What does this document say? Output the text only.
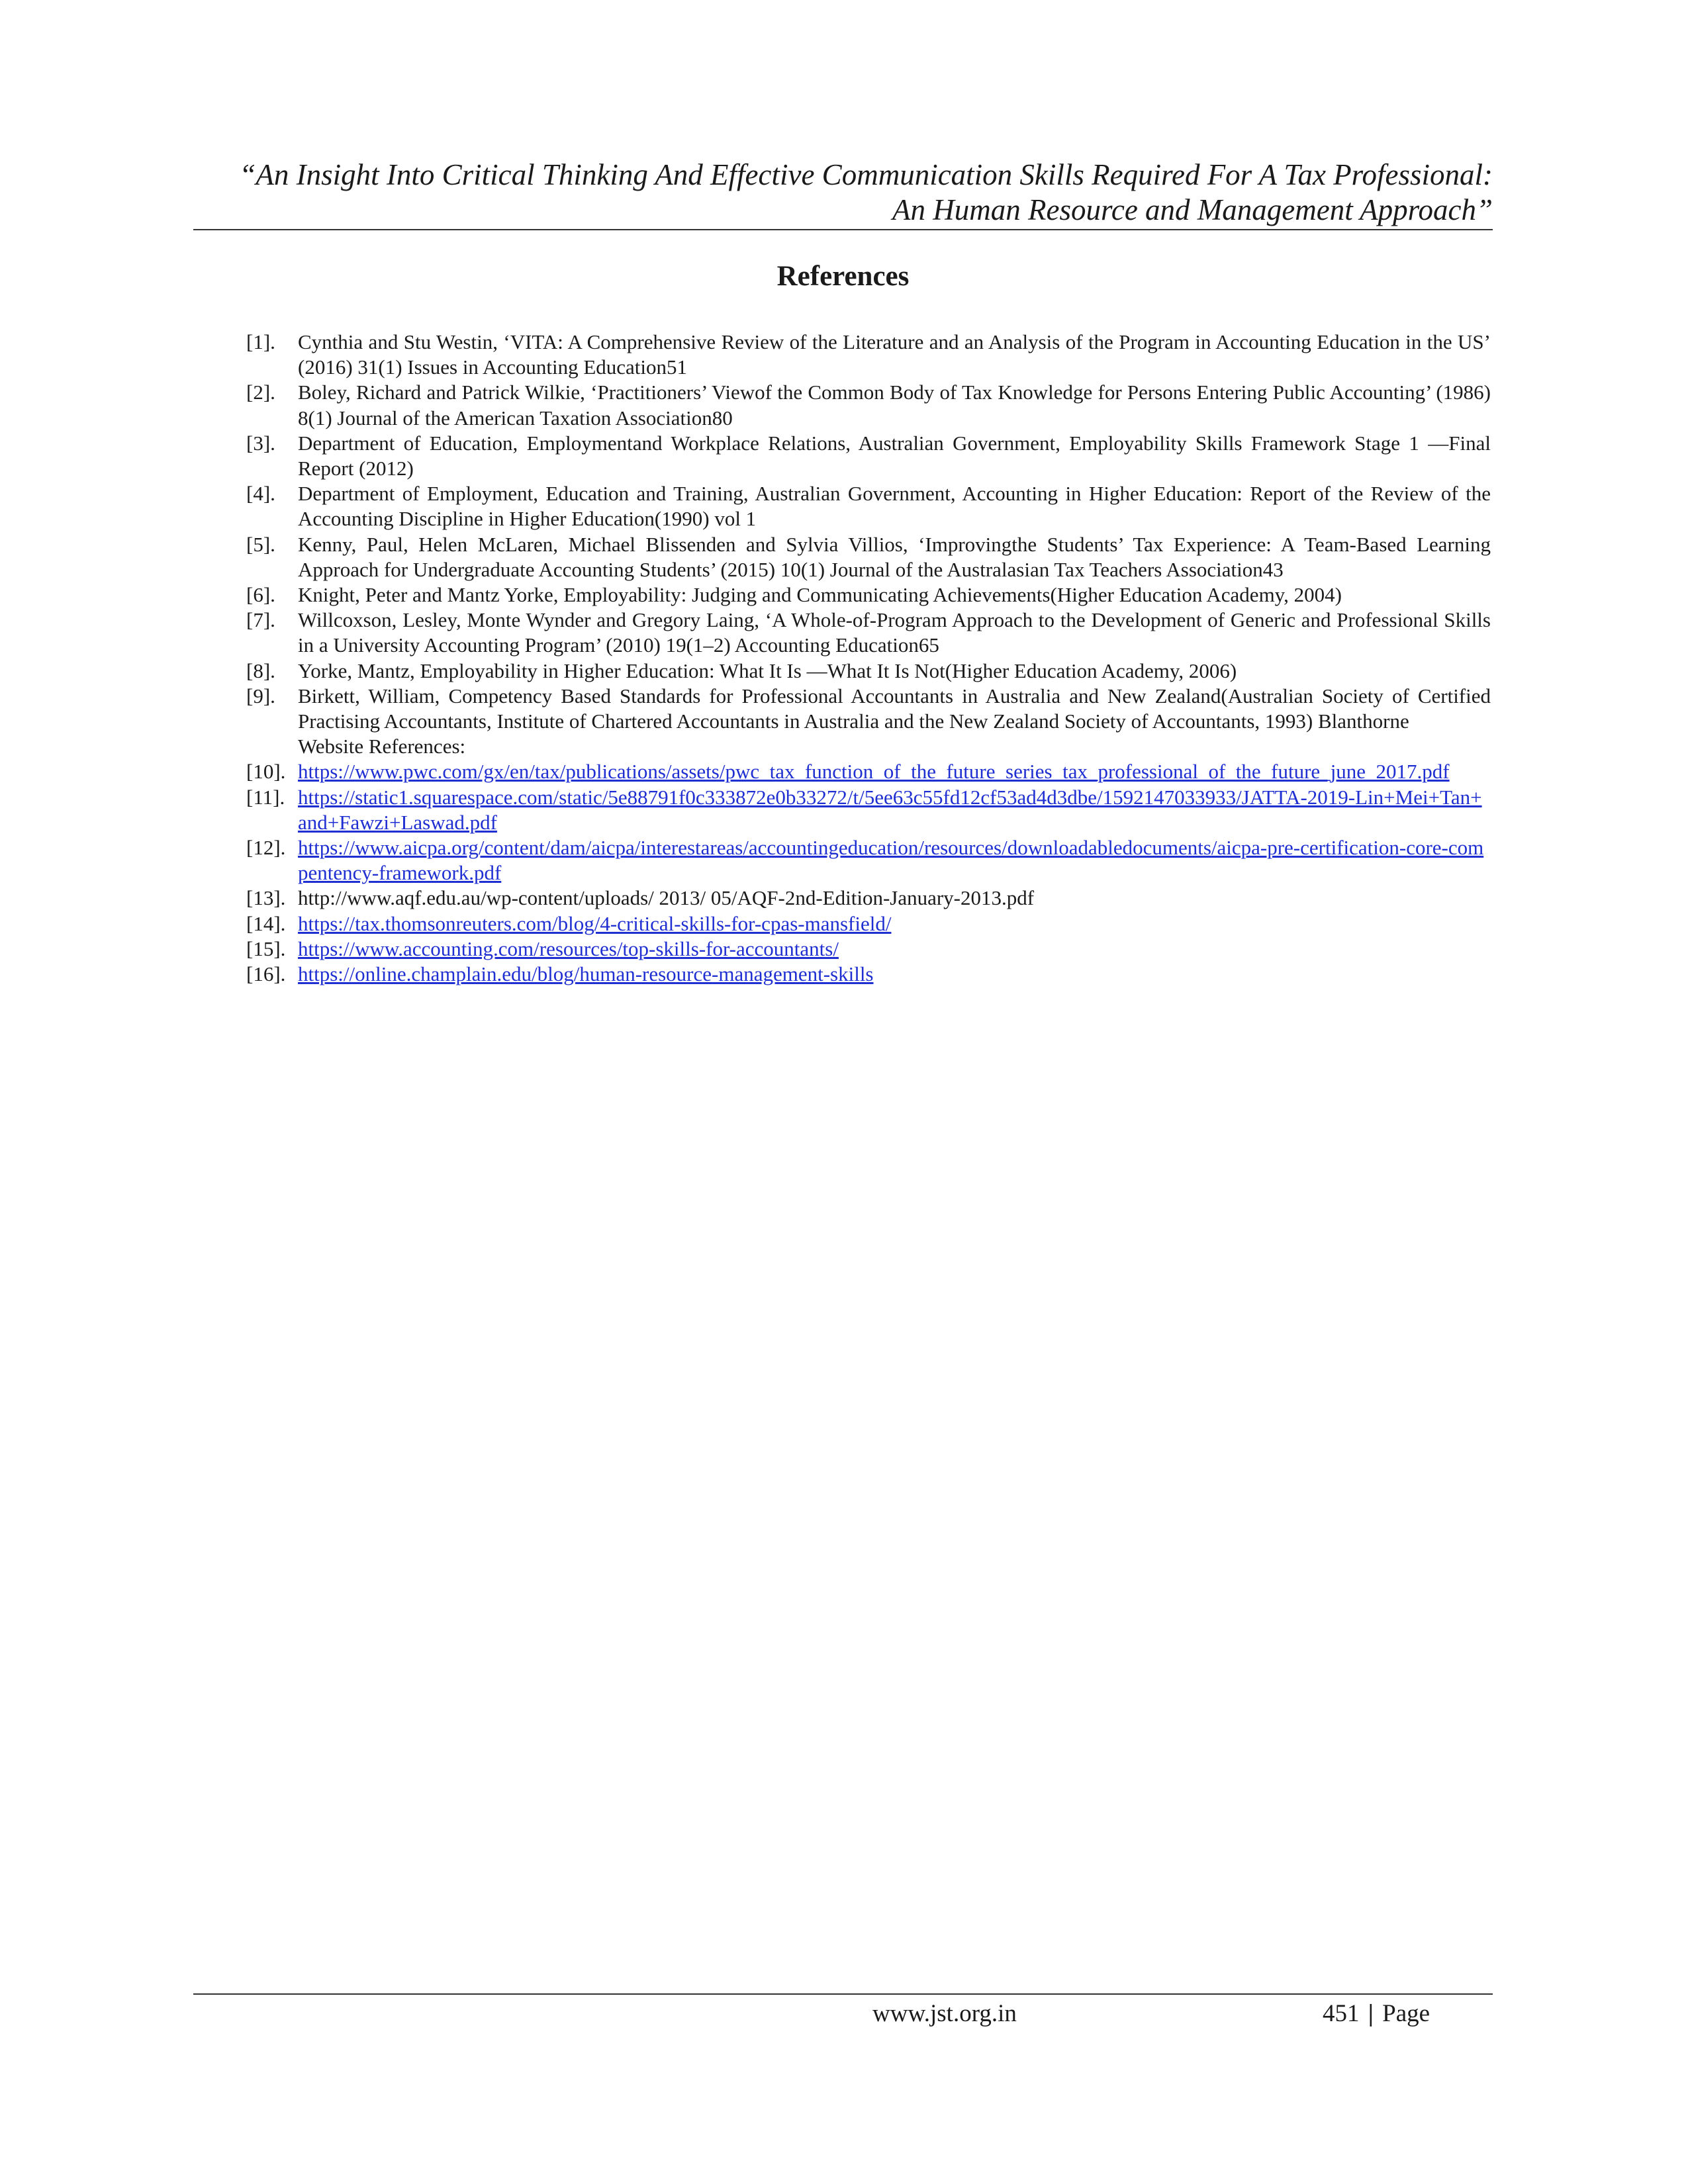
“An Insight Into Critical Thinking And Effective Communication Skills Required For A Tax Professional:
An Human Resource and Management Approach”
References
[1].	Cynthia and Stu Westin, ‘VITA: A Comprehensive Review of the Literature and an Analysis of the Program in Accounting Education in the US’ (2016) 31(1) Issues in Accounting Education51
[2].	Boley, Richard and Patrick Wilkie, ‘Practitioners’ Viewof the Common Body of Tax Knowledge for Persons Entering Public Accounting’ (1986) 8(1) Journal of the American Taxation Association80
[3].	Department of Education, Employmentand Workplace Relations, Australian Government, Employability Skills Framework Stage 1 —Final Report (2012)
[4].	Department of Employment, Education and Training, Australian Government, Accounting in Higher Education: Report of the Review of the Accounting Discipline in Higher Education(1990) vol 1
[5].	Kenny, Paul, Helen McLaren, Michael Blissenden and Sylvia Villios, ‘Improvingthe Students’ Tax Experience: A Team-Based Learning Approach for Undergraduate Accounting Students’ (2015) 10(1) Journal of the Australasian Tax Teachers Association43
[6].	Knight, Peter and Mantz Yorke, Employability: Judging and Communicating Achievements(Higher Education Academy, 2004)
[7].	Willcoxson, Lesley, Monte Wynder and Gregory Laing, ‘A Whole-of-Program Approach to the Development of Generic and Professional Skills in a University Accounting Program’ (2010) 19(1–2) Accounting Education65
[8].	Yorke, Mantz, Employability in Higher Education: What It Is —What It Is Not(Higher Education Academy, 2006)
[9].	Birkett, William, Competency Based Standards for Professional Accountants in Australia and New Zealand(Australian Society of Certified Practising Accountants, Institute of Chartered Accountants in Australia and the New Zealand Society of Accountants, 1993) Blanthorne
Website References:
[10]. https://www.pwc.com/gx/en/tax/publications/assets/pwc_tax_function_of_the_future_series_tax_professional_of_the_future_june_2017.pdf
[11]. https://static1.squarespace.com/static/5e88791f0c333872e0b33272/t/5ee63c55fd12cf53ad4d3dbe/1592147033933/JATTA-2019-Lin+Mei+Tan+and+Fawzi+Laswad.pdf
[12]. https://www.aicpa.org/content/dam/aicpa/interestareas/accountingeducation/resources/downloadabledocuments/aicpa-pre-certification-core-compentency-framework.pdf
[13]. http://www.aqf.edu.au/wp-content/uploads/ 2013/ 05/AQF-2nd-Edition-January-2013.pdf
[14]. https://tax.thomsonreuters.com/blog/4-critical-skills-for-cpas-mansfield/
[15]. https://www.accounting.com/resources/top-skills-for-accountants/
[16]. https://online.champlain.edu/blog/human-resource-management-skills
www.jst.org.in	451 | Page
